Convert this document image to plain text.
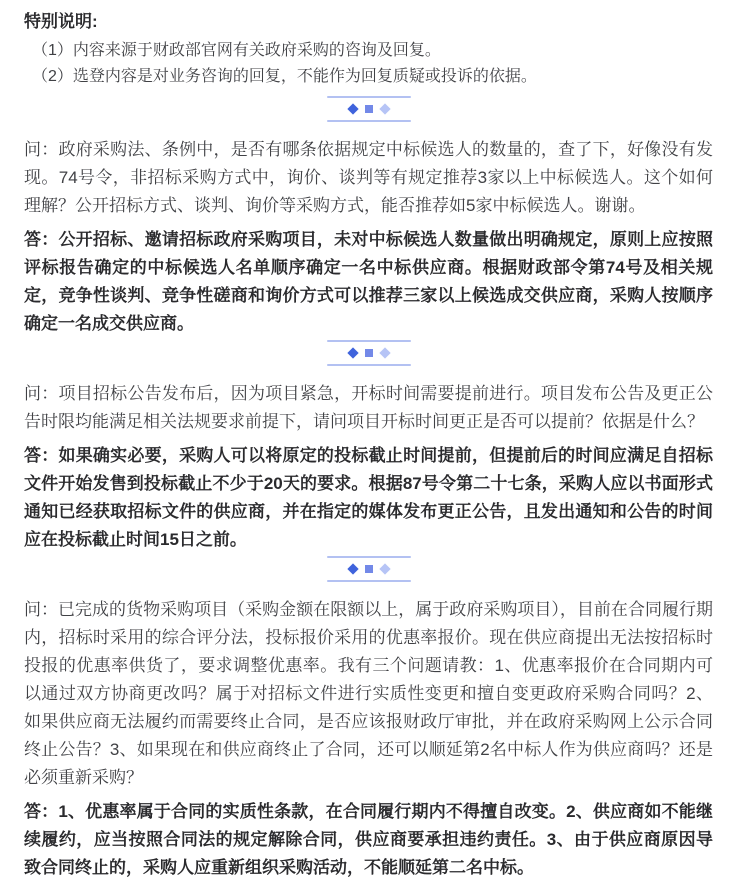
特别说明:

（1）内容来源于财政部官网有关政府采购的咨询及回复。

（2）选登内容是对业务咨询的回复，不能作为回复质疑或投诉的依据。

问：政府采购法、条例中，是否有哪条依据规定中标候选人的数量的，查了下，好像没有发现。74号令，非招标采购方式中，询价、谈判等有规定推荐3家以上中标候选人。这个如何理解？公开招标方式、谈判、询价等采购方式，能否推荐如5家中标候选人。谢谢。

答：公开招标、邀请招标政府采购项目，未对中标候选人数量做出明确规定，原则上应按照评标报告确定的中标候选人名单顺序确定一名中标供应商。根据财政部令第74号及相关规定，竞争性谈判、竞争性磋商和询价方式可以推荐三家以上候选成交供应商，采购人按顺序确定一名成交供应商。

问：项目招标公告发布后，因为项目紧急，开标时间需要提前进行。项目发布公告及更正公告时限均能满足相关法规要求前提下，请问项目开标时间更正是否可以提前？依据是什么？

答：如果确实必要，采购人可以将原定的投标截止时间提前，但提前后的时间应满足自招标文件开始发售到投标截止不少于20天的要求。根据87号令第二十七条，采购人应以书面形式通知已经获取招标文件的供应商，并在指定的媒体发布更正公告，且发出通知和公告的时间应在投标截止时间15日之前。

问：已完成的货物采购项目（采购金额在限额以上，属于政府采购项目），目前在合同履行期内，招标时采用的综合评分法，投标报价采用的优惠率报价。现在供应商提出无法按招标时投报的优惠率供货了，要求调整优惠率。我有三个问题请教：1、优惠率报价在合同期内可以通过双方协商更改吗？属于对招标文件进行实质性变更和擅自变更政府采购合同吗？2、如果供应商无法履约而需要终止合同，是否应该报财政厅审批，并在政府采购网上公示合同终止公告？3、如果现在和供应商终止了合同，还可以顺延第2名中标人作为供应商吗？还是必须重新采购？

答：1、优惠率属于合同的实质性条款，在合同履行期内不得擅自改变。2、供应商如不能继续履约，应当按照合同法的规定解除合同，供应商要承担违约责任。3、由于供应商原因导致合同终止的，采购人应重新组织采购活动，不能顺延第二名中标。
